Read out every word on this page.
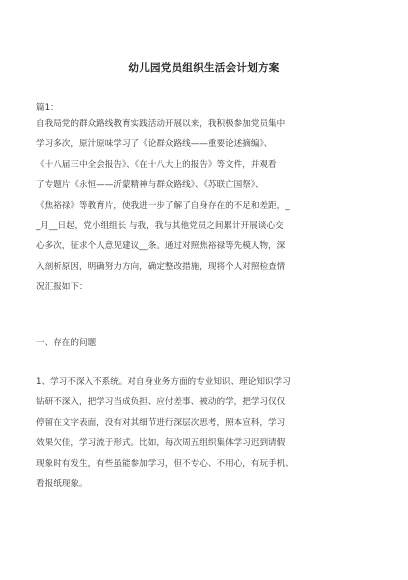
幼儿园党员组织生活会计划方案

篇1：

自我局党的群众路线教育实践活动开展以来，我积极参加党员集中
学习多次，原汁原味学习了《论群众路线——重要论述摘编》、
《十八届三中全会报告》、《在十八大上的报告》等文件，并观看
了专题片《永恒——沂蒙精神与群众路线》、《苏联亡国祭》、
《焦裕禄》等教育片，使我进一步了解了自身存在的不足和差距，_
_月__日起，党小组组长 与我，我与其他党员之间累计开展谈心交
心多次，征求个人意见建议__条。通过对照焦裕禄等先模人物，深
入剖析原因，明确努力方向，确定整改措施，现将个人对照检查情
况汇报如下：

一、存在的问题

1、学习不深入不系统。对自身业务方面的专业知识、理论知识学习
钻研不深入，把学习当成负担、应付差事、被动的学，把学习仅仅
停留在文字表面，没有对其细节进行深层次思考，照本宣科，学习
效果欠佳，学习流于形式。比如，每次周五组织集体学习迟到请假
现象时有发生，有些虽能参加学习，但不专心、不用心，有玩手机、
看报纸现象。
